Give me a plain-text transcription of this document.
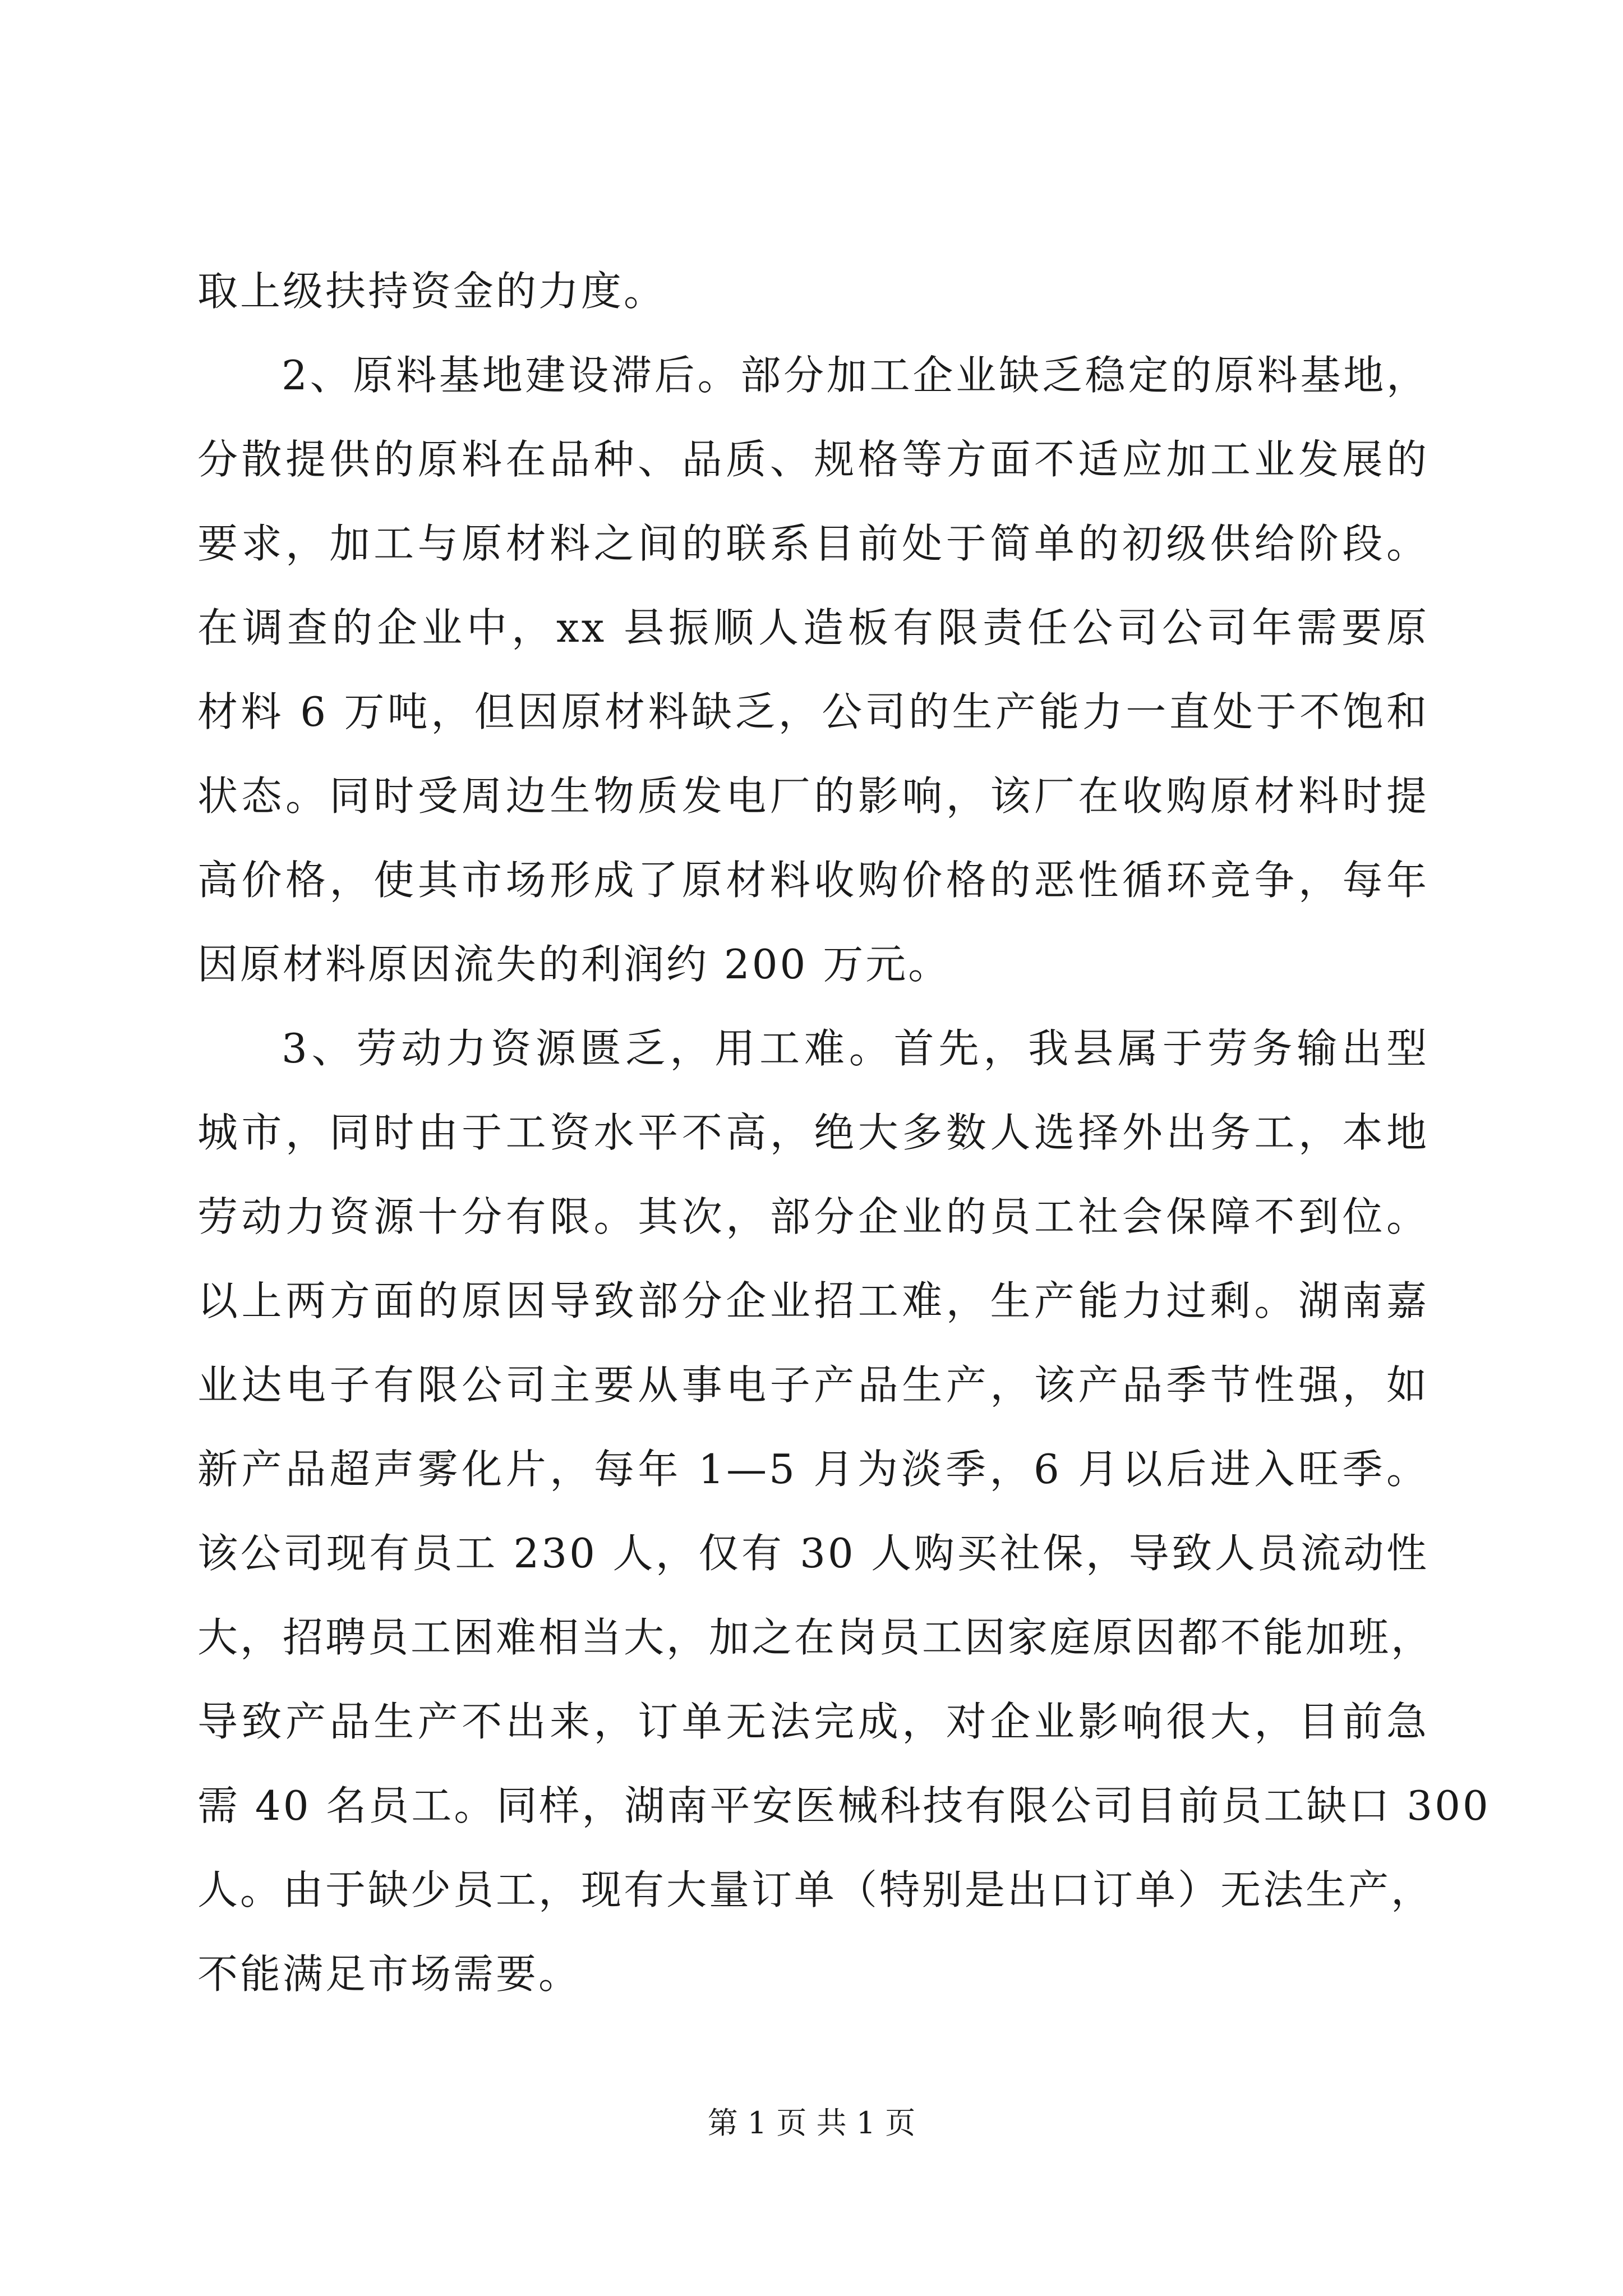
取上级扶持资金的力度。
2、原料基地建设滞后。部分加工企业缺乏稳定的原料基地，
分散提供的原料在品种、品质、规格等方面不适应加工业发展的
要求，加工与原材料之间的联系目前处于简单的初级供给阶段。
在调查的企业中，xx 县振顺人造板有限责任公司公司年需要原
材料 6 万吨，但因原材料缺乏，公司的生产能力一直处于不饱和
状态。同时受周边生物质发电厂的影响，该厂在收购原材料时提
高价格，使其市场形成了原材料收购价格的恶性循环竞争，每年
因原材料原因流失的利润约 200 万元。
3、劳动力资源匮乏，用工难。首先，我县属于劳务输出型
城市，同时由于工资水平不高，绝大多数人选择外出务工，本地
劳动力资源十分有限。其次，部分企业的员工社会保障不到位。
以上两方面的原因导致部分企业招工难，生产能力过剩。湖南嘉
业达电子有限公司主要从事电子产品生产，该产品季节性强，如
新产品超声雾化片，每年 1—5 月为淡季，6 月以后进入旺季。
该公司现有员工 230 人，仅有 30 人购买社保，导致人员流动性
大，招聘员工困难相当大，加之在岗员工因家庭原因都不能加班，
导致产品生产不出来，订单无法完成，对企业影响很大，目前急
需 40 名员工。同样，湖南平安医械科技有限公司目前员工缺口 300
人。由于缺少员工，现有大量订单（特别是出口订单）无法生产，
不能满足市场需要。
第 1 页 共 1 页
